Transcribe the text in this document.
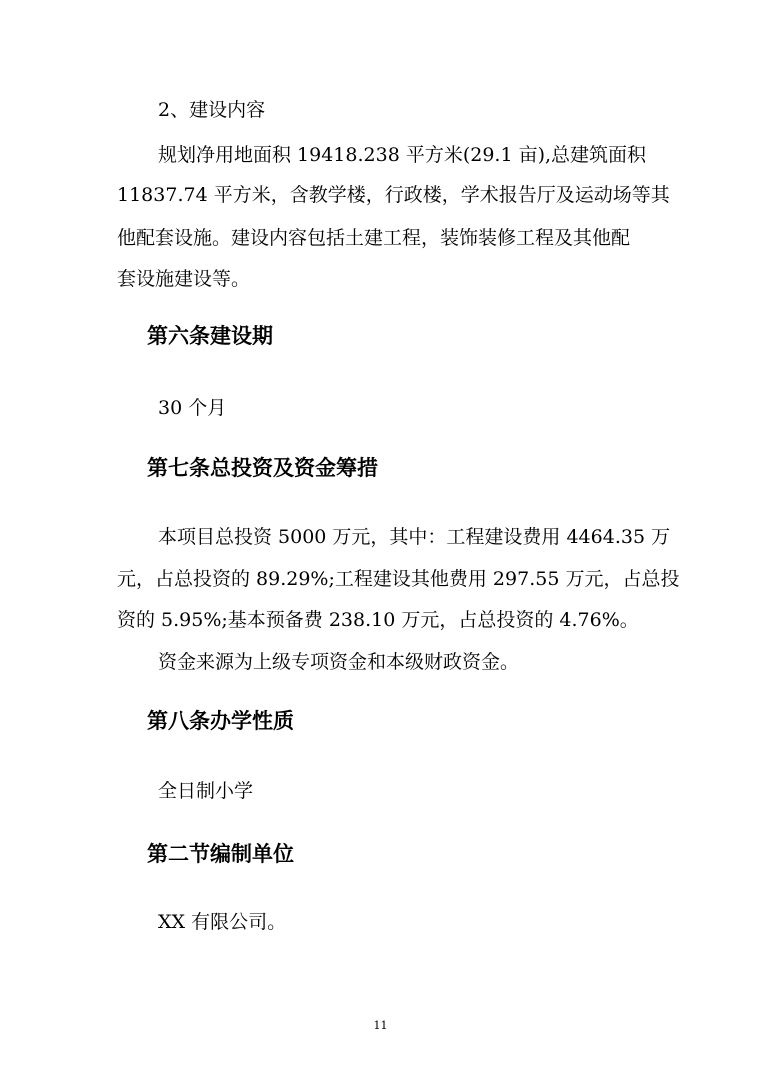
2、建设内容
规划净用地面积 19418.238 平方米(29.1 亩),总建筑面积
11837.74 平方米，含教学楼，行政楼，学术报告厅及运动场等其
他配套设施。建设内容包括土建工程，装饰装修工程及其他配
套设施建设等。
第六条建设期
30 个月
第七条总投资及资金筹措
本项目总投资 5000 万元，其中：工程建设费用 4464.35 万
元，占总投资的 89.29%;工程建设其他费用 297.55 万元，占总投
资的 5.95%;基本预备费 238.10 万元，占总投资的 4.76%。
资金来源为上级专项资金和本级财政资金。
第八条办学性质
全日制小学
第二节编制单位
XX 有限公司。
11
